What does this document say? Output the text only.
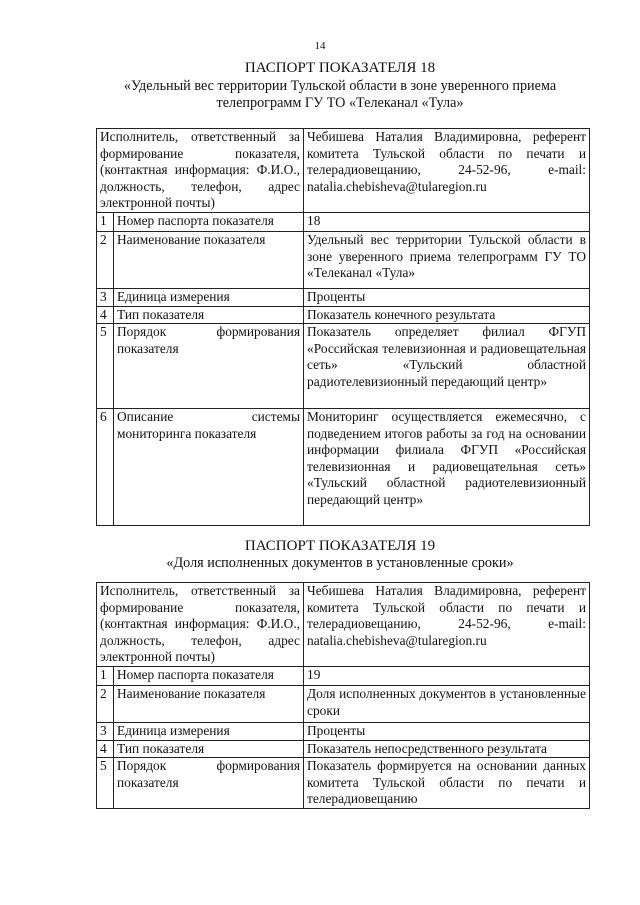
14
ПАСПОРТ ПОКАЗАТЕЛЯ 18
«Удельный вес территории Тульской области в зоне уверенного приема
телепрограмм ГУ ТО «Телеканал «Тула»
Исполнитель, ответственный за формирование показателя, (контактная информация: Ф.И.О., должность, телефон, адрес электронной почты)		Чебишева Наталия Владимировна, референт комитета Тульской области по печати и телерадиовещанию, 24-52-96, e-mail: natalia.chebisheva@tularegion.ru
1	Номер паспорта показателя	18
2	Наименование показателя	Удельный вес территории Тульской области в зоне уверенного приема телепрограмм ГУ ТО «Телеканал «Тула»
3	Единица измерения	Проценты
4	Тип показателя	Показатель конечного результата
5	Порядок формирования показателя	Показатель определяет филиал ФГУП «Российская телевизионная и радиовещательная сеть» «Тульский областной радиотелевизионный передающий центр»
6	Описание системы мониторинга показателя	Мониторинг осуществляется ежемесячно, с подведением итогов работы за год на основании информации филиала ФГУП «Российская телевизионная и радиовещательная сеть» «Тульский областной радиотелевизионный передающий центр»
ПАСПОРТ ПОКАЗАТЕЛЯ 19
«Доля исполненных документов в установленные сроки»
Исполнитель, ответственный за формирование показателя, (контактная информация: Ф.И.О., должность, телефон, адрес электронной почты)		Чебишева Наталия Владимировна, референт комитета Тульской области по печати и телерадиовещанию, 24-52-96, e-mail: natalia.chebisheva@tularegion.ru
1	Номер паспорта показателя	19
2	Наименование показателя	Доля исполненных документов в установленные сроки
3	Единица измерения	Проценты
4	Тип показателя	Показатель непосредственного результата
5	Порядок формирования показателя	Показатель формируется на основании данных комитета Тульской области по печати и телерадиовещанию
